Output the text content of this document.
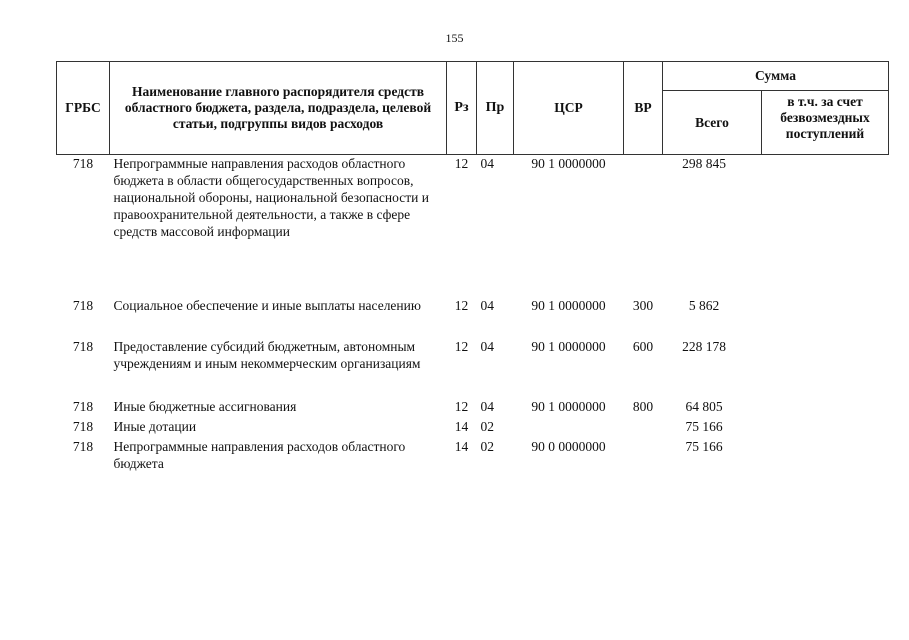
155
ГРБС	Наименование главного распорядителя средств областного бюджета, раздела, подраздела, целевой статьи, подгруппы видов расходов	Рз	Пр	ЦСР	ВР	Сумма	
						Всего	в т.ч. за счет безвозмездных поступлений
718	Непрограммные направления расходов областного бюджета в области общегосударственных вопросов, национальной обороны, национальной безопасности и правоохранительной деятельности, а также в сфере средств массовой информации	12	04	90 1 0000000		298 845	
718	Социальное обеспечение и иные выплаты населению	12	04	90 1 0000000	300	5 862	
718	Предоставление субсидий бюджетным, автономным учреждениям и иным некоммерческим организациям	12	04	90 1 0000000	600	228 178	
718	Иные бюджетные ассигнования	12	04	90 1 0000000	800	64 805	
718	Иные дотации	14	02			75 166	
718	Непрограммные направления расходов областного бюджета	14	02	90 0 0000000		75 166	
